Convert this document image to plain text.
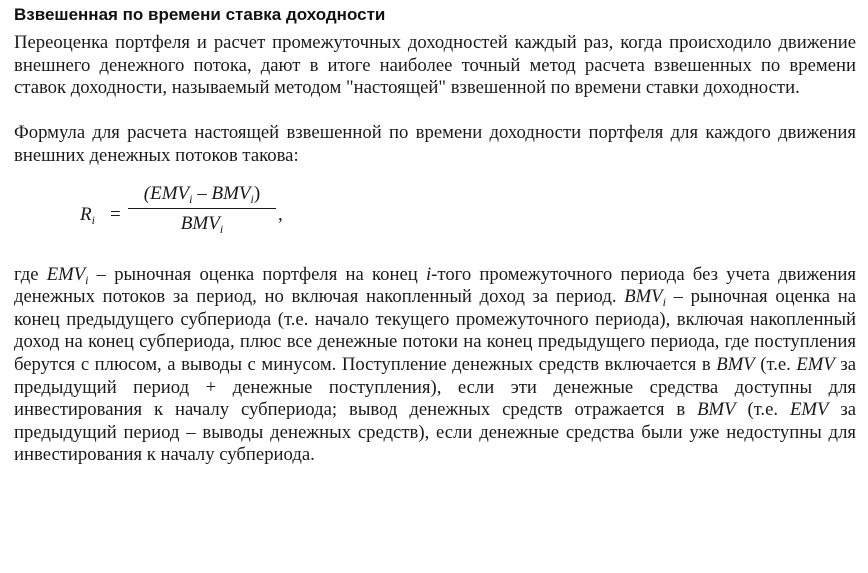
Взвешенная по времени ставка доходности

Переоценка портфеля и расчет промежуточных доходностей каждый раз, когда происходило движение внешнего денежного потока, дают в итоге наиболее точный метод расчета взвешенных по времени ставок доходности, называемый методом "настоящей" взвешенной по времени ставки доходности.

Формула для расчета настоящей взвешенной по времени доходности портфеля для каждого движения внешних денежных потоков такова:

$R_i$ =
$(EMV_i - BMV_i)$
$BMV_i$
,

где $EMV_i$ – рыночная оценка портфеля на конец i-того промежуточного периода без учета движения денежных потоков за период, но включая накопленный доход за период. $BMV_i$ – рыночная оценка на конец предыдущего субпериода (т.е. начало текущего промежуточного периода), включая накопленный доход на конец субпериода, плюс все денежные потоки на конец предыдущего периода, где поступления берутся с плюсом, а выводы с минусом. Поступление денежных средств включается в BMV (т.е. EMV за предыдущий период + денежные поступления), если эти денежные средства доступны для инвестирования к началу субпериода; вывод денежных средств отражается в BMV (т.е. EMV за предыдущий период – выводы денежных средств), если денежные средства были уже недоступны для инвестирования к началу субпериода.
